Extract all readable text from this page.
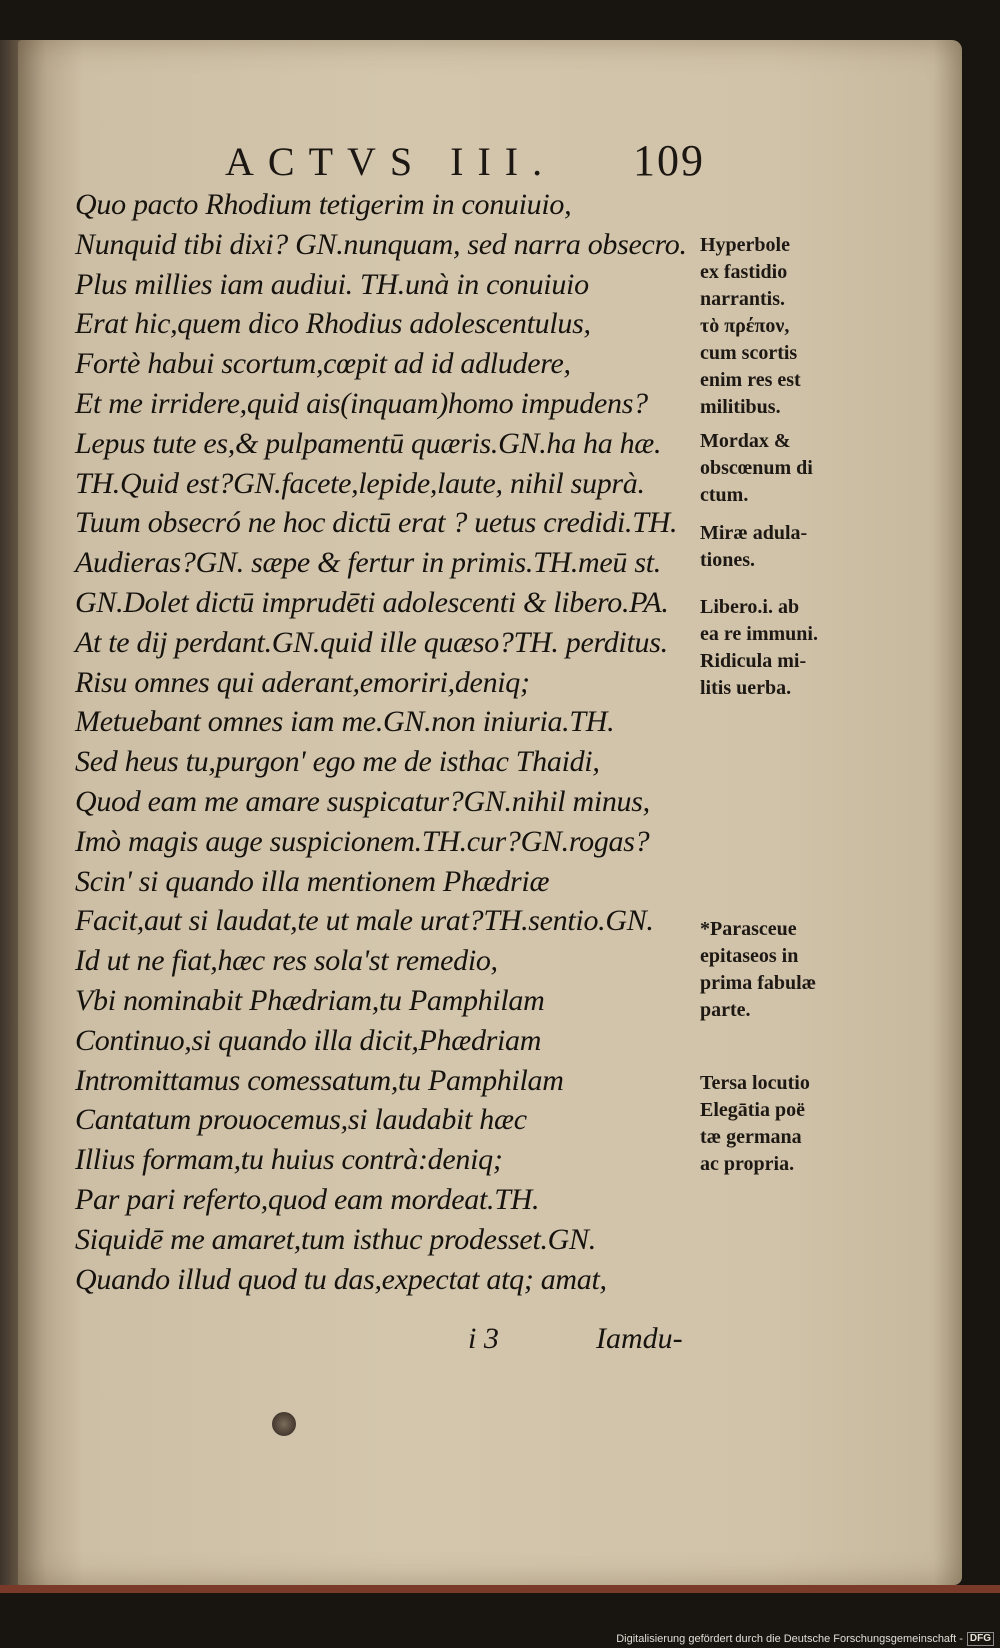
ACTVS III. 109
Quo pacto Rhodium tetigerim in conuiuio,
Nunquid tibi dixi? GN.nunquam, sed narra obsecro.
Plus millies iam audiui. TH.unà in conuiuio
Erat hic,quem dico Rhodius adolescentulus,
Fortè habui scortum,cœpit ad id adludere,
Et me irridere,quid ais(inquam)homo impudens?
Lepus tute es,& pulpamentū quæris.GN.ha ha hæ.
TH.Quid est?GN.facete,lepide,laute, nihil suprà.
Tuum obsecró ne hoc dictū erat ? uetus credidi.TH.
Audieras?GN. sæpe & fertur in primis.TH.meū st.
GN.Dolet dictū imprudēti adolescenti & libero.PA.
At te dij perdant.GN.quid ille quæso?TH. perditus.
Risu omnes qui aderant,emoriri,deniq;
Metuebant omnes iam me.GN.non iniuria.TH.
Sed heus tu,purgon' ego me de isthac Thaidi,
Quod eam me amare suspicatur?GN.nihil minus,
Imò magis auge suspicionem.TH.cur?GN.rogas?
Scin' si quando illa mentionem Phædriæ
Facit,aut si laudat,te ut male urat?TH.sentio.GN.
Id ut ne fiat,hæc res sola'st remedio,
Vbi nominabit Phædriam,tu Pamphilam
Continuo,si quando illa dicit,Phædriam
Intromittamus comessatum,tu Pamphilam
Cantatum prouocemus,si laudabit hæc
Illius formam,tu huius contrà:deniq;
Par pari referto,quod eam mordeat.TH.
Siquidē me amaret,tum isthuc prodesset.GN.
Quando illud quod tu das,expectat atq; amat,

Hyperbole
ex fastidio
narrantis.
τὸ πρέπον,
cum scortis
enim res est
militibus.

Mordax &
obscœnum di
ctum.

Miræ adula-
tiones.

Libero.i. ab
ea re immuni.
Ridicula mi-
litis uerba.

*Parasceue
epitaseos in
prima fabulæ
parte.

Tersa locutio
Elegātia poë
tæ germana
ac propria.

i 3	Iamdu-
Digitalisierung gefördert durch die Deutsche Forschungsgemeinschaft - DFG
